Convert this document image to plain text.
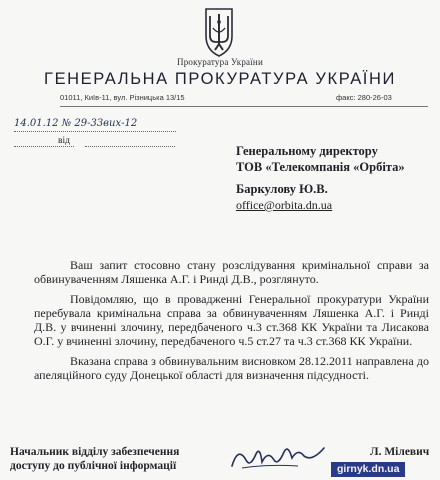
Прокуратура України
ГЕНЕРАЛЬНА ПРОКУРАТУРА УКРАЇНИ
01011, Київ-11, вул. Різницька 13/15	факс: 280-26-03
14.01.12 № 29-33вих-12
від
Генеральному директору
ТОВ «Телекомпанія «Орбіта»
Баркулову Ю.В.
office@orbita.dn.ua
Ваш запит стосовно стану розслідування кримінальної справи за обвинуваченням Ляшенка А.Г. і Ринді Д.В., розглянуто.
Повідомляю, що в провадженні Генеральної прокуратури України перебувала кримінальна справа за обвинуваченням Ляшенка А.Г. і Ринді Д.В. у вчиненні злочину, передбаченого ч.3 ст.368 КК України та Лисакова О.Г. у вчиненні злочину, передбаченого ч.5 ст.27 та ч.3 ст.368 КК України.
Вказана справа з обвинувальним висновком 28.12.2011 направлена до апеляційного суду Донецької області для визначення підсудності.
Начальник відділу забезпечення
доступу до публічної інформації
Л. Мілевич
girnyk.dn.ua
